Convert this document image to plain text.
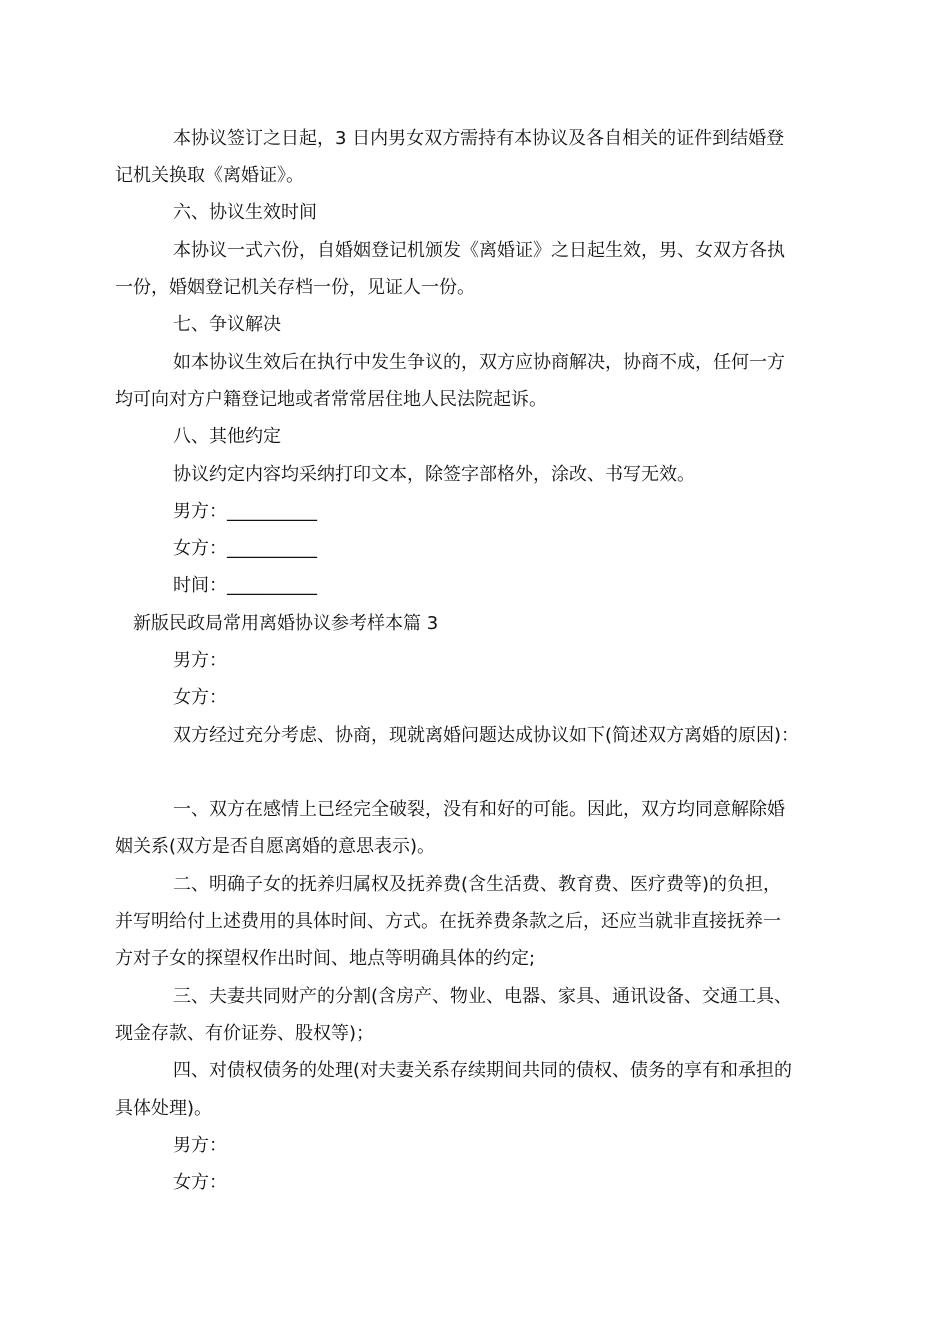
本协议签订之日起，3 日内男女双方需持有本协议及各自相关的证件到结婚登
记机关换取《离婚证》。
六、协议生效时间
本协议一式六份，自婚姻登记机颁发《离婚证》之日起生效，男、女双方各执
一份，婚姻登记机关存档一份，见证人一份。
七、争议解决
如本协议生效后在执行中发生争议的，双方应协商解决，协商不成，任何一方
均可向对方户籍登记地或者常常居住地人民法院起诉。
八、其他约定
协议约定内容均采纳打印文本，除签字部格外，涂改、书写无效。
男方：__________
女方：__________
时间：__________
新版民政局常用离婚协议参考样本篇 3
男方：
女方：
双方经过充分考虑、协商，现就离婚问题达成协议如下(简述双方离婚的原因)：
一、双方在感情上已经完全破裂，没有和好的可能。因此，双方均同意解除婚
姻关系(双方是否自愿离婚的意思表示)。
二、明确子女的抚养归属权及抚养费(含生活费、教育费、医疗费等)的负担，
并写明给付上述费用的具体时间、方式。在抚养费条款之后，还应当就非直接抚养一
方对子女的探望权作出时间、地点等明确具体的约定;
三、夫妻共同财产的分割(含房产、物业、电器、家具、通讯设备、交通工具、
现金存款、有价证券、股权等)；
四、对债权债务的处理(对夫妻关系存续期间共同的债权、债务的享有和承担的
具体处理)。
男方：
女方：
